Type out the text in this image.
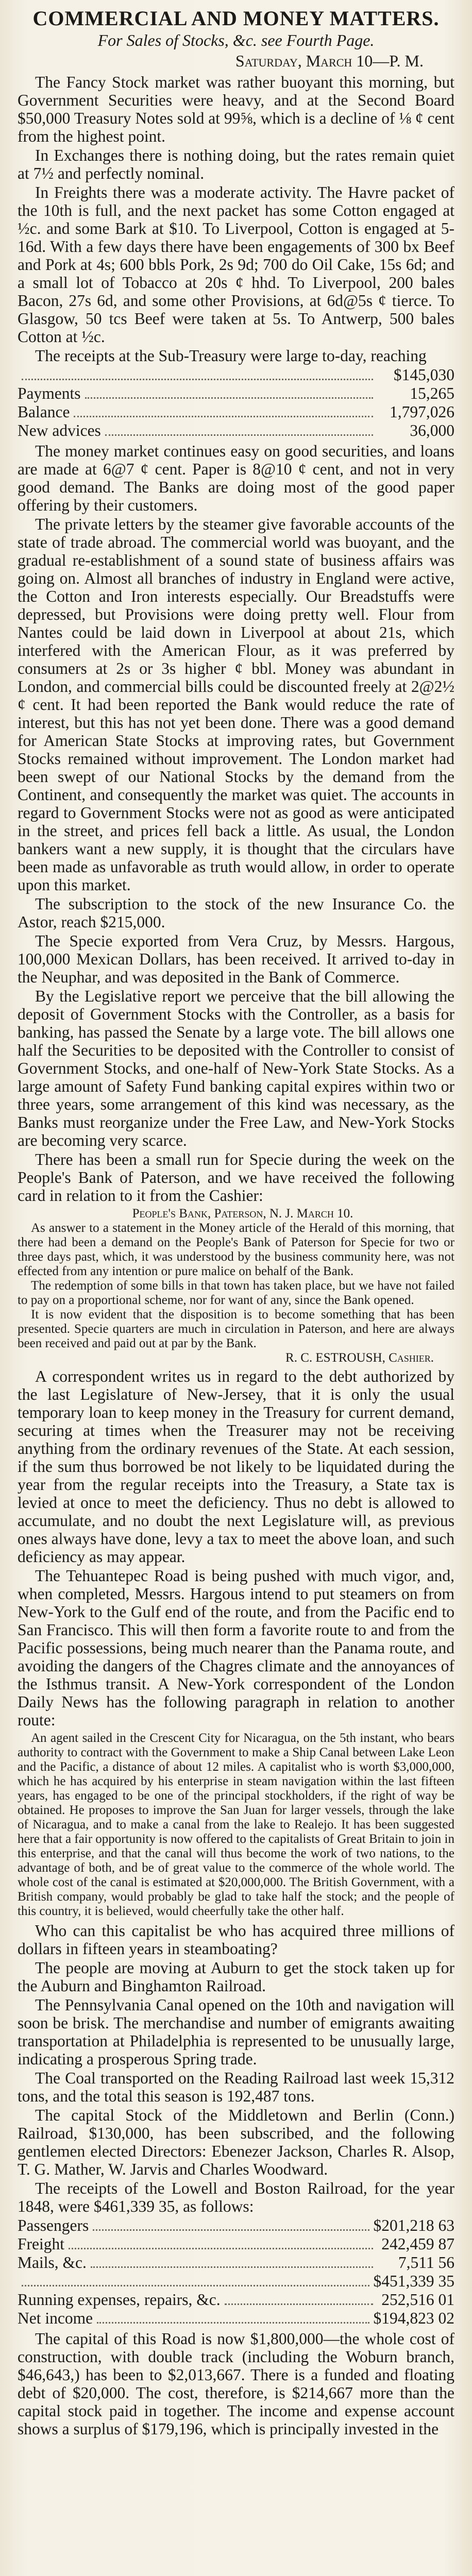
COMMERCIAL AND MONEY MATTERS.
For Sales of Stocks, &c. see Fourth Page.
Saturday, March 10—P. M.

The Fancy Stock market was rather buoyant this morning, but Government Securities were heavy, and at the Second Board $50,000 Treasury Notes sold at 99⅝, which is a decline of ⅛ ¢ cent from the highest point.

In Exchanges there is nothing doing, but the rates remain quiet at 7½ and perfectly nominal.

In Freights there was a moderate activity. The Havre packet of the 10th is full, and the next packet has some Cotton engaged at ½c. and some Bark at $10. To Liverpool, Cotton is engaged at 5-16d. With a few days there have been engagements of 300 bx Beef and Pork at 4s; 600 bbls Pork, 2s 9d; 700 do Oil Cake, 15s 6d; and a small lot of Tobacco at 20s ¢ hhd. To Liverpool, 200 bales Bacon, 27s 6d, and some other Provisions, at 6d@5s ¢ tierce. To Glasgow, 50 tcs Beef were taken at 5s. To Antwerp, 500 bales Cotton at ½c.

The receipts at the Sub-Treasury were large to-day, reaching

$145,030
Payments	15,265
Balance	1,797,026
New advices	36,000

The money market continues easy on good securities, and loans are made at 6@7 ¢ cent. Paper is 8@10 ¢ cent, and not in very good demand. The Banks are doing most of the good paper offering by their customers.

The private letters by the steamer give favorable accounts of the state of trade abroad. The commercial world was buoyant, and the gradual re-establishment of a sound state of business affairs was going on. Almost all branches of industry in England were active, the Cotton and Iron interests especially. Our Breadstuffs were depressed, but Provisions were doing pretty well. Flour from Nantes could be laid down in Liverpool at about 21s, which interfered with the American Flour, as it was preferred by consumers at 2s or 3s higher ¢ bbl. Money was abundant in London, and commercial bills could be discounted freely at 2@2½ ¢ cent. It had been reported the Bank would reduce the rate of interest, but this has not yet been done. There was a good demand for American State Stocks at improving rates, but Government Stocks remained without improvement. The London market had been swept of our National Stocks by the demand from the Continent, and consequently the market was quiet. The accounts in regard to Government Stocks were not as good as were anticipated in the street, and prices fell back a little. As usual, the London bankers want a new supply, it is thought that the circulars have been made as unfavorable as truth would allow, in order to operate upon this market.

The subscription to the stock of the new Insurance Co. the Astor, reach $215,000.

The Specie exported from Vera Cruz, by Messrs. Hargous, 100,000 Mexican Dollars, has been received. It arrived to-day in the Neuphar, and was deposited in the Bank of Commerce.

By the Legislative report we perceive that the bill allowing the deposit of Government Stocks with the Controller, as a basis for banking, has passed the Senate by a large vote. The bill allows one half the Securities to be deposited with the Controller to consist of Government Stocks, and one-half of New-York State Stocks. As a large amount of Safety Fund banking capital expires within two or three years, some arrangement of this kind was necessary, as the Banks must reorganize under the Free Law, and New-York Stocks are becoming very scarce.

There has been a small run for Specie during the week on the People's Bank of Paterson, and we have received the following card in relation to it from the Cashier:

People's Bank, Paterson, N. J. March 10.

As answer to a statement in the Money article of the Herald of this morning, that there had been a demand on the People's Bank of Paterson for Specie for two or three days past, which, it was understood by the business community here, was not effected from any intention or pure malice on behalf of the Bank.

The redemption of some bills in that town has taken place, but we have not failed to pay on a proportional scheme, nor for want of any, since the Bank opened.

It is now evident that the disposition is to become something that has been presented. Specie quarters are much in circulation in Paterson, and here are always been received and paid out at par by the Bank.

R. C. ESTROUSH, Cashier.

A correspondent writes us in regard to the debt authorized by the last Legislature of New-Jersey, that it is only the usual temporary loan to keep money in the Treasury for current demand, securing at times when the Treasurer may not be receiving anything from the ordinary revenues of the State. At each session, if the sum thus borrowed be not likely to be liquidated during the year from the regular receipts into the Treasury, a State tax is levied at once to meet the deficiency. Thus no debt is allowed to accumulate, and no doubt the next Legislature will, as previous ones always have done, levy a tax to meet the above loan, and such deficiency as may appear.

The Tehuantepec Road is being pushed with much vigor, and, when completed, Messrs. Hargous intend to put steamers on from New-York to the Gulf end of the route, and from the Pacific end to San Francisco. This will then form a favorite route to and from the Pacific possessions, being much nearer than the Panama route, and avoiding the dangers of the Chagres climate and the annoyances of the Isthmus transit. A New-York correspondent of the London Daily News has the following paragraph in relation to another route:

An agent sailed in the Crescent City for Nicaragua, on the 5th instant, who bears authority to contract with the Government to make a Ship Canal between Lake Leon and the Pacific, a distance of about 12 miles. A capitalist who is worth $3,000,000, which he has acquired by his enterprise in steam navigation within the last fifteen years, has engaged to be one of the principal stockholders, if the right of way be obtained. He proposes to improve the San Juan for larger vessels, through the lake of Nicaragua, and to make a canal from the lake to Realejo. It has been suggested here that a fair opportunity is now offered to the capitalists of Great Britain to join in this enterprise, and that the canal will thus become the work of two nations, to the advantage of both, and be of great value to the commerce of the whole world. The whole cost of the canal is estimated at $20,000,000. The British Government, with a British company, would probably be glad to take half the stock; and the people of this country, it is believed, would cheerfully take the other half.

Who can this capitalist be who has acquired three millions of dollars in fifteen years in steamboating?

The people are moving at Auburn to get the stock taken up for the Auburn and Binghamton Railroad.

The Pennsylvania Canal opened on the 10th and navigation will soon be brisk. The merchandise and number of emigrants awaiting transportation at Philadelphia is represented to be unusually large, indicating a prosperous Spring trade.

The Coal transported on the Reading Railroad last week 15,312 tons, and the total this season is 192,487 tons.

The capital Stock of the Middletown and Berlin (Conn.) Railroad, $130,000, has been subscribed, and the following gentlemen elected Directors: Ebenezer Jackson, Charles R. Alsop, T. G. Mather, W. Jarvis and Charles Woodward.

The receipts of the Lowell and Boston Railroad, for the year 1848, were $461,339 35, as follows:

Passengers	$201,218 63
Freight	242,459 87
Mails, &c.	7,511 56
$451,339 35
Running expenses, repairs, &c.	252,516 01
Net income	$194,823 02

The capital of this Road is now $1,800,000—the whole cost of construction, with double track (including the Woburn branch, $46,643,) has been to $2,013,667. There is a funded and floating debt of $20,000. The cost, therefore, is $214,667 more than the capital stock paid in together. The income and expense account shows a surplus of $179,196, which is principally invested in the
